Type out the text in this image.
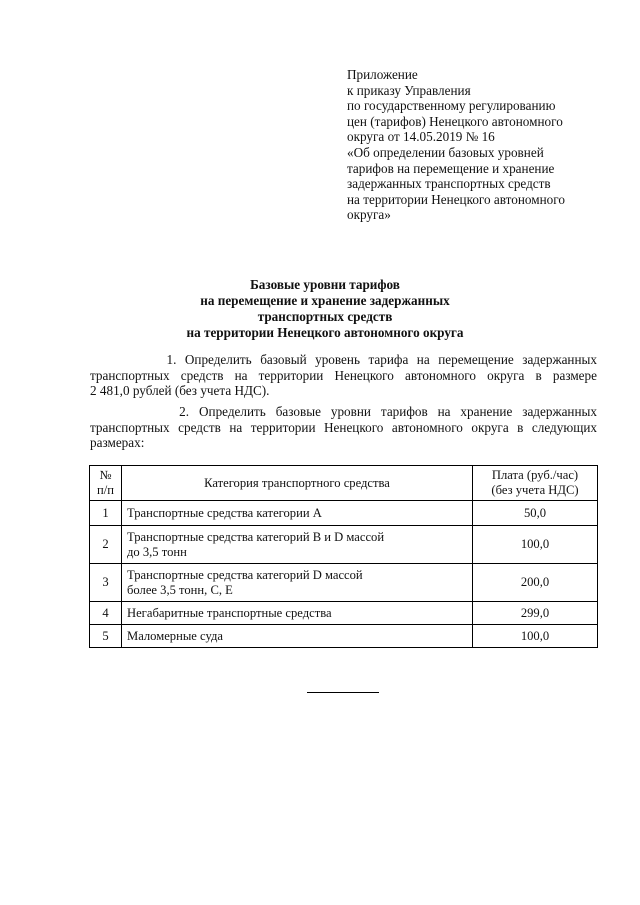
Приложение
к приказу Управления
по государственному регулированию
цен (тарифов) Ненецкого автономного
округа от 14.05.2019 № 16
«Об определении базовых уровней
тарифов на перемещение и хранение
задержанных транспортных средств
на территории Ненецкого автономного
округа»
Базовые уровни тарифов
на перемещение и хранение задержанных
транспортных средств
на территории Ненецкого автономного округа
1. Определить базовый уровень тарифа на перемещение задержанных
транспортных средств на территории Ненецкого автономного округа в размере
2 481,0 рублей (без учета НДС).
2. Определить базовые уровни тарифов на хранение задержанных
транспортных средств на территории Ненецкого автономного округа в следующих
размерах:
№
п/п	Категория транспортного средства	Плата (руб./час)
(без учета НДС)

1	Транспортные средства категории А	50,0
2	Транспортные средства категорий В и D массой
до 3,5 тонн	100,0
3	Транспортные средства категорий D массой
более 3,5 тонн, С, Е	200,0
4	Негабаритные транспортные средства	299,0
5	Маломерные суда	100,0
